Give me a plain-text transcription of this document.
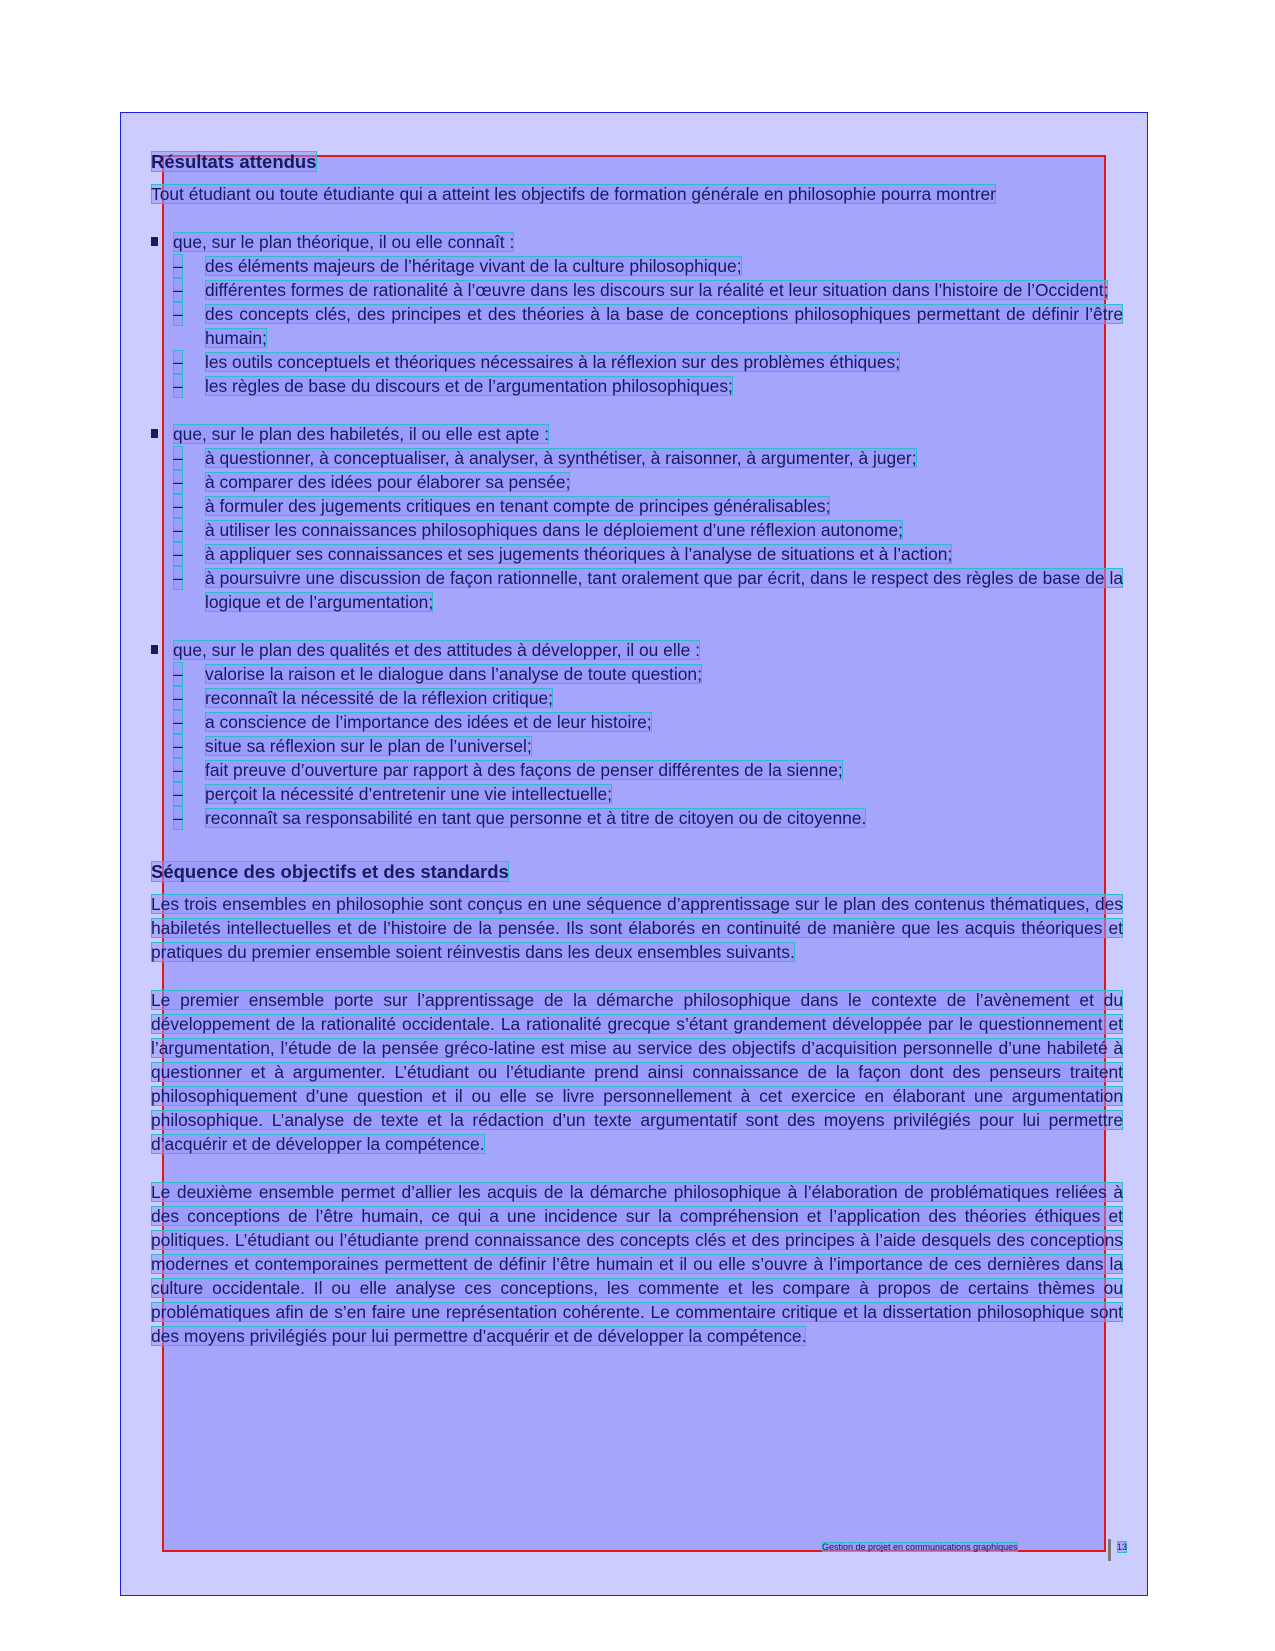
Résultats attendus

Tout étudiant ou toute étudiante qui a atteint les objectifs de formation générale en philosophie pourra montrer

que, sur le plan théorique, il ou elle connaît :
– des éléments majeurs de l’héritage vivant de la culture philosophique;
– différentes formes de rationalité à l’œuvre dans les discours sur la réalité et leur situation dans l’histoire de l’Occident;
– des concepts clés, des principes et des théories à la base de conceptions philosophiques permettant de définir l’être humain;
– les outils conceptuels et théoriques nécessaires à la réflexion sur des problèmes éthiques;
– les règles de base du discours et de l’argumentation philosophiques;
que, sur le plan des habiletés, il ou elle est apte :
– à questionner, à conceptualiser, à analyser, à synthétiser, à raisonner, à argumenter, à juger;
– à comparer des idées pour élaborer sa pensée;
– à formuler des jugements critiques en tenant compte de principes généralisables;
– à utiliser les connaissances philosophiques dans le déploiement d’une réflexion autonome;
– à appliquer ses connaissances et ses jugements théoriques à l’analyse de situations et à l’action;
– à poursuivre une discussion de façon rationnelle, tant oralement que par écrit, dans le respect des règles de base de la logique et de l’argumentation;
que, sur le plan des qualités et des attitudes à développer, il ou elle :
– valorise la raison et le dialogue dans l’analyse de toute question;
– reconnaît la nécessité de la réflexion critique;
– a conscience de l’importance des idées et de leur histoire;
– situe sa réflexion sur le plan de l’universel;
– fait preuve d’ouverture par rapport à des façons de penser différentes de la sienne;
– perçoit la nécessité d’entretenir une vie intellectuelle;
– reconnaît sa responsabilité en tant que personne et à titre de citoyen ou de citoyenne.
Séquence des objectifs et des standards

Les trois ensembles en philosophie sont conçus en une séquence d’apprentissage sur le plan des contenus thématiques, des habiletés intellectuelles et de l’histoire de la pensée. Ils sont élaborés en continuité de manière que les acquis théoriques et pratiques du premier ensemble soient réinvestis dans les deux ensembles suivants.

Le premier ensemble porte sur l’apprentissage de la démarche philosophique dans le contexte de l’avènement et du développement de la rationalité occidentale. La rationalité grecque s’étant grandement développée par le questionnement et l’argumentation, l’étude de la pensée gréco-latine est mise au service des objectifs d’acquisition personnelle d’une habileté à questionner et à argumenter. L’étudiant ou l’étudiante prend ainsi connaissance de la façon dont des penseurs traitent philosophiquement d’une question et il ou elle se livre personnellement à cet exercice en élaborant une argumentation philosophique. L’analyse de texte et la rédaction d’un texte argumentatif sont des moyens privilégiés pour lui permettre d’acquérir et de développer la compétence.

Le deuxième ensemble permet d’allier les acquis de la démarche philosophique à l’élaboration de problématiques reliées à des conceptions de l’être humain, ce qui a une incidence sur la compréhension et l’application des théories éthiques et politiques. L’étudiant ou l’étudiante prend connaissance des concepts clés et des principes à l’aide desquels des conceptions modernes et contemporaines permettent de définir l’être humain et il ou elle s’ouvre à l’importance de ces dernières dans la culture occidentale. Il ou elle analyse ces conceptions, les commente et les compare à propos de certains thèmes ou problématiques afin de s’en faire une représentation cohérente. Le commentaire critique et la dissertation philosophique sont des moyens privilégiés pour lui permettre d’acquérir et de développer la compétence.

Gestion de projet en communications graphiques	13
